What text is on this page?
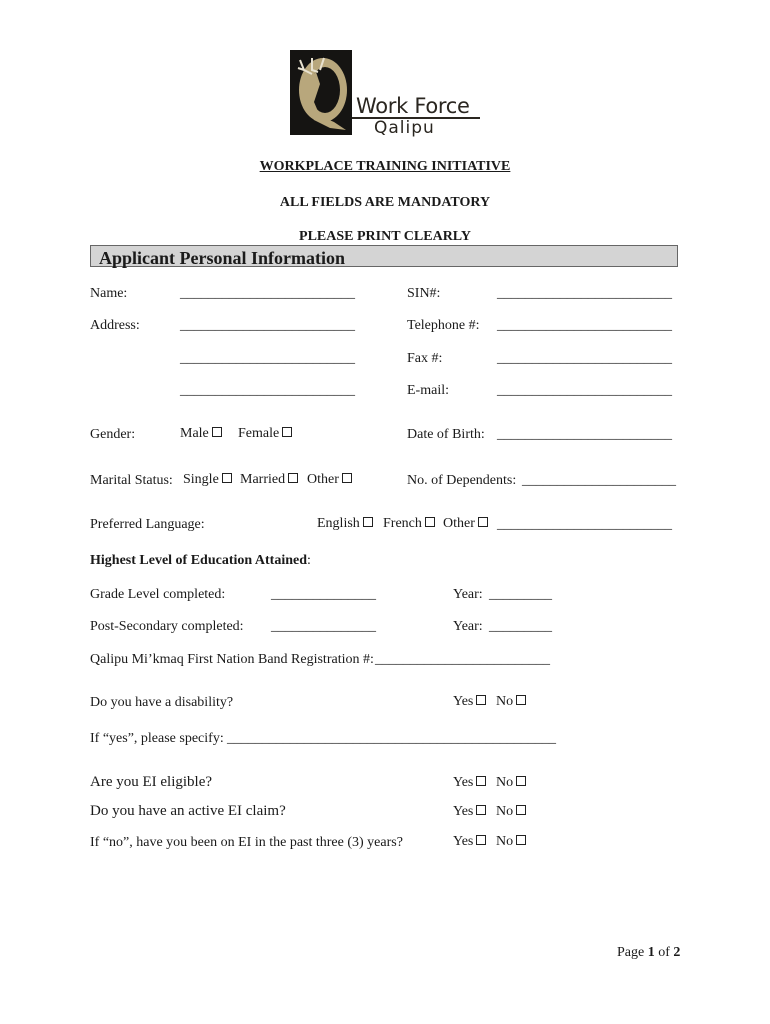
Work Force
Qalipu
WORKPLACE TRAINING INITIATIVE
ALL FIELDS ARE MANDATORY
PLEASE PRINT CLEARLY
Applicant Personal Information
Name:	_________________________	SIN#:	_________________________
Address:	_________________________	Telephone #: _________________________
_________________________	Fax #:	_________________________
_________________________	E-mail:	_________________________
Gender:	Male	Female	Date of Birth: _________________________
Marital Status: Single	Married	Other	No. of Dependents: ______________________
Preferred Language:	English	French	Other	_________________________
Highest Level of Education Attained:
Grade Level completed:	_______________	Year: _________
Post-Secondary completed: _______________	Year: _________
Qalipu Mi’kmaq First Nation Band Registration #: _________________________
Do you have a disability?	Yes	No
If “yes”, please specify: _______________________________________________
Are you EI eligible?	Yes	No
Do you have an active EI claim?	Yes	No
If “no”, have you been on EI in the past three (3) years?	Yes	No
Page 1 of 2
